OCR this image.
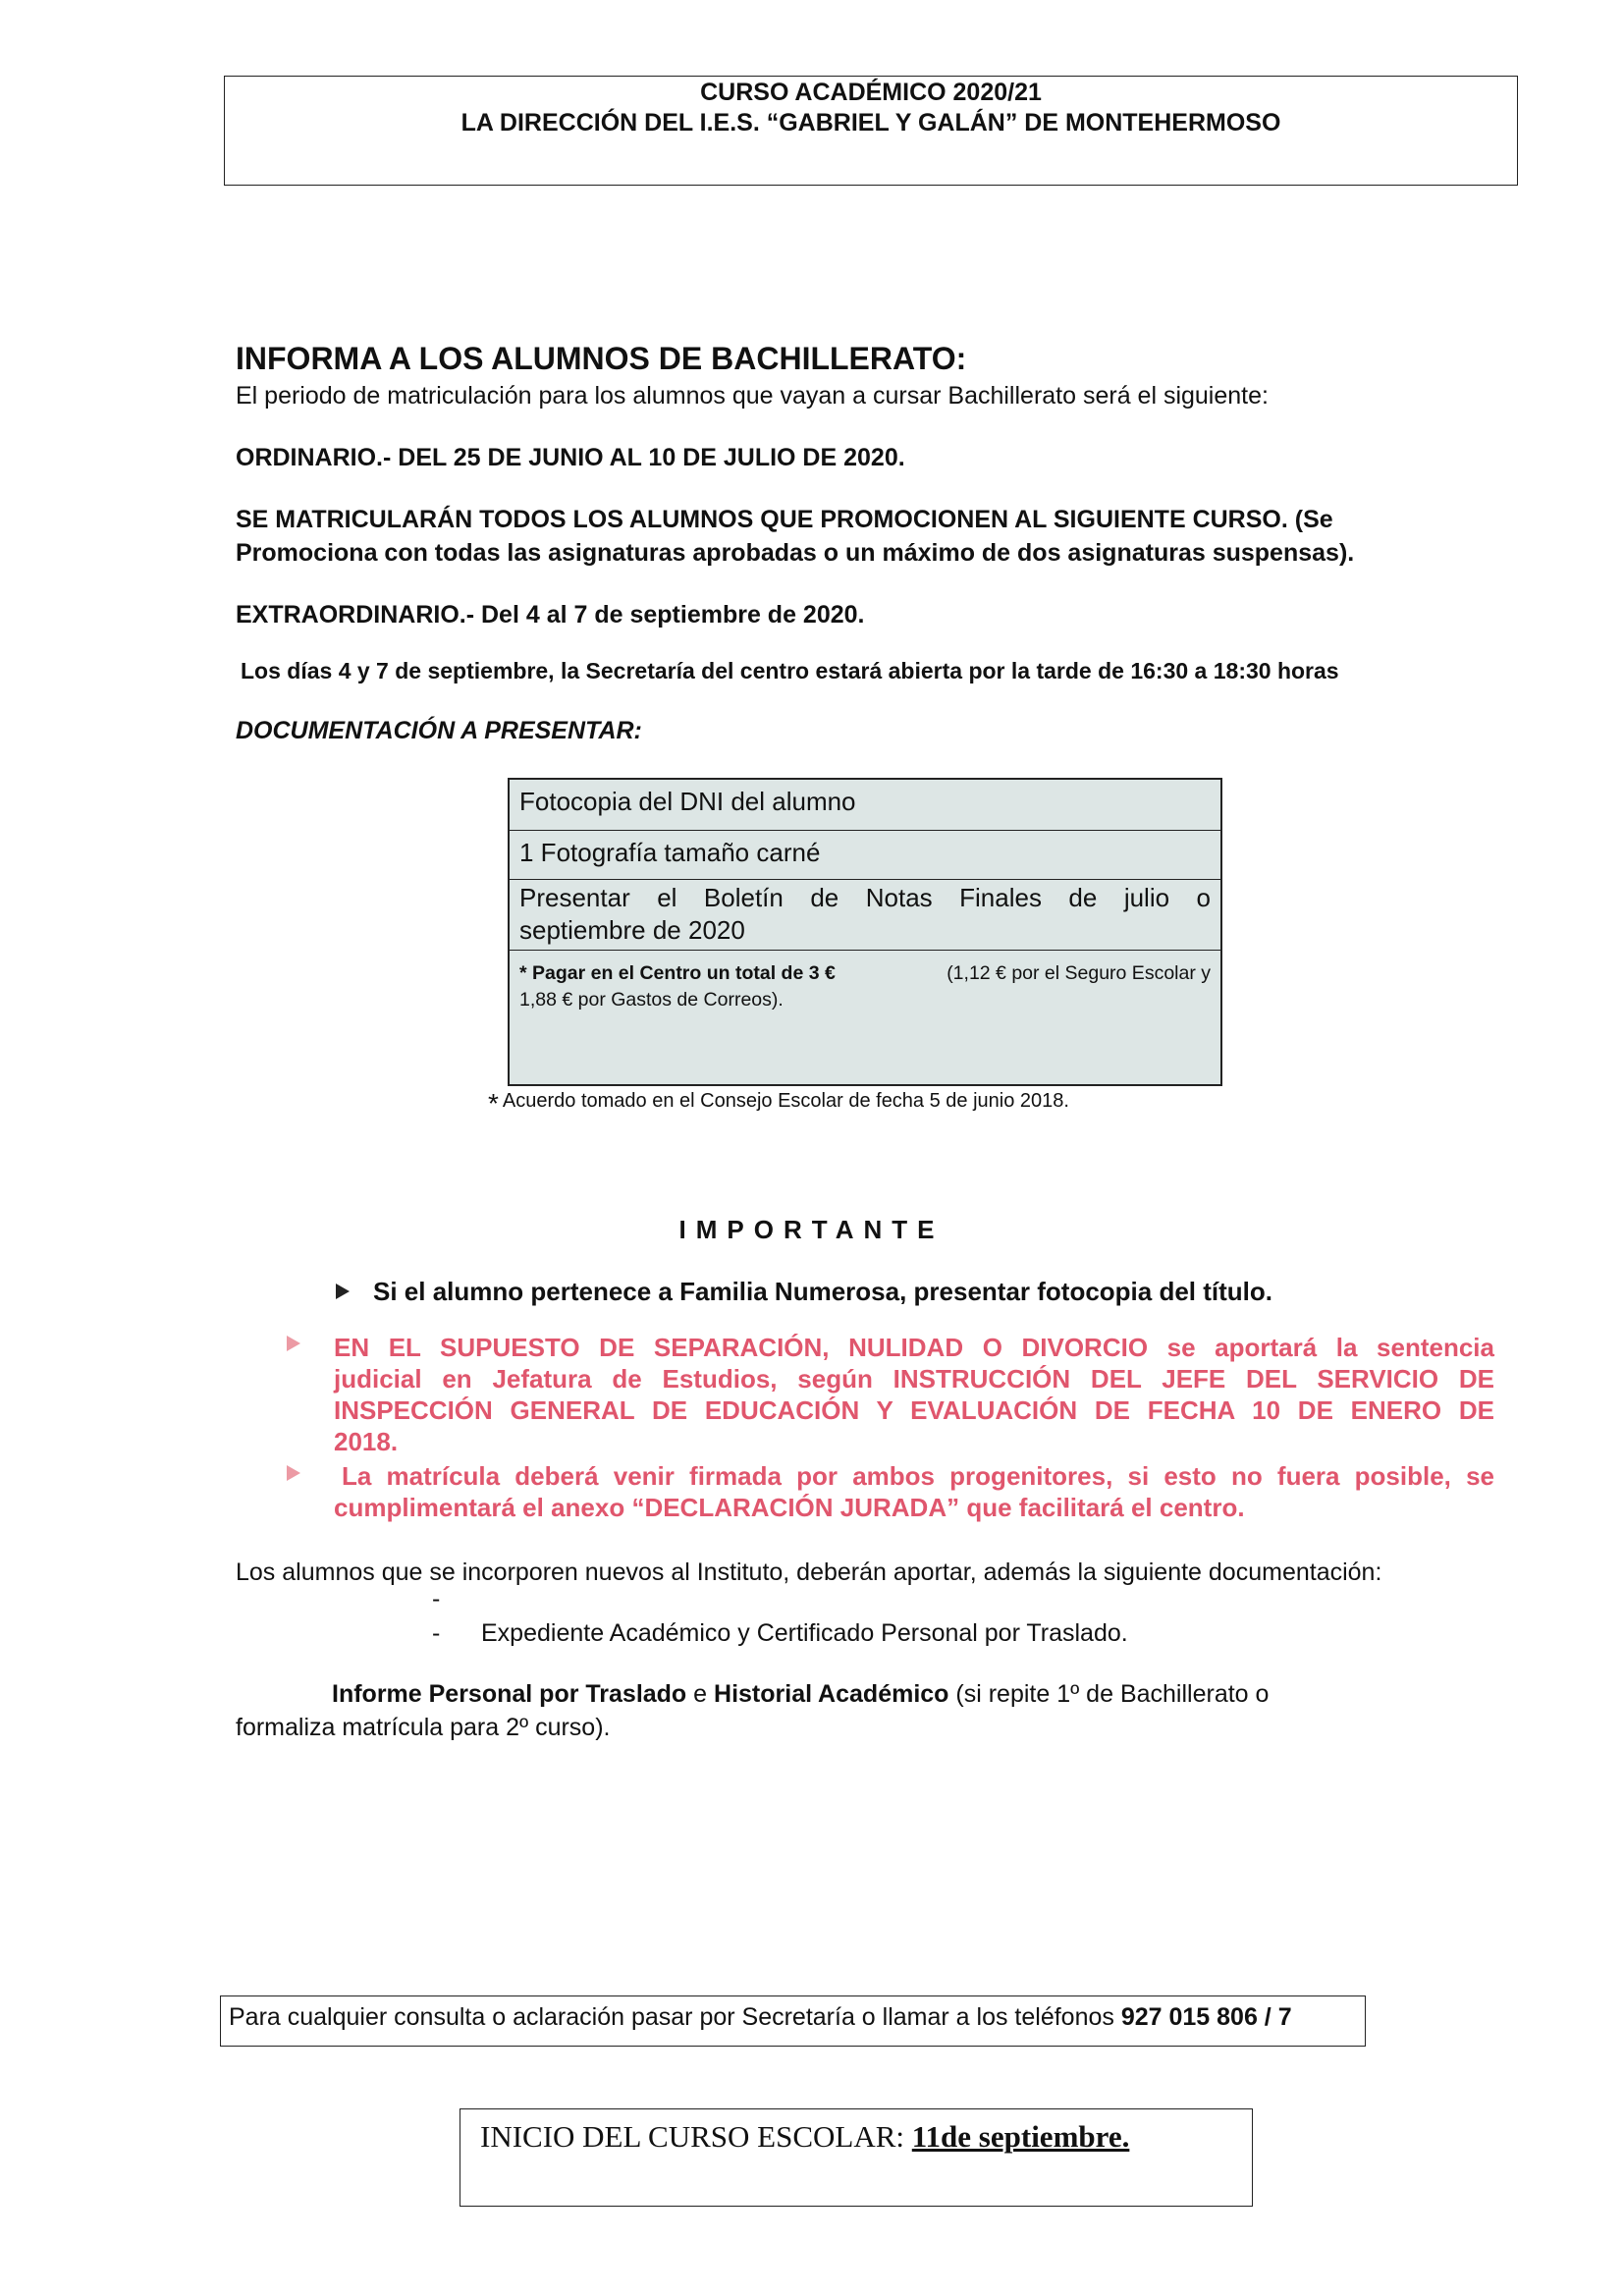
CURSO ACADÉMICO 2020/21
LA DIRECCIÓN DEL I.E.S. “GABRIEL Y GALÁN” DE MONTEHERMOSO
INFORMA A LOS ALUMNOS DE BACHILLERATO:
El periodo de matriculación para los alumnos que vayan a cursar Bachillerato será el siguiente:
ORDINARIO.- DEL 25 DE JUNIO AL 10 DE JULIO DE 2020.
SE MATRICULARÁN TODOS LOS ALUMNOS QUE PROMOCIONEN AL SIGUIENTE CURSO. (Se
Promociona con todas las asignaturas aprobadas o un máximo de dos asignaturas suspensas).
EXTRAORDINARIO.- Del 4 al 7 de septiembre de 2020.
Los días 4 y 7 de septiembre, la Secretaría del centro estará abierta por la tarde de 16:30 a 18:30 horas
DOCUMENTACIÓN A PRESENTAR:
Fotocopia del DNI del alumno
1 Fotografía tamaño carné
Presentar el Boletín de Notas Finales de julio o
septiembre de 2020
* Pagar en el Centro un total de 3 €	(1,12 € por el Seguro Escolar y
1,88 € por Gastos de Correos).
* Acuerdo tomado en el Consejo Escolar de fecha 5 de junio 2018.
IMPORTANTE
Si el alumno pertenece a Familia Numerosa, presentar fotocopia del título.
EN EL SUPUESTO DE SEPARACIÓN, NULIDAD O DIVORCIO se aportará la sentencia
judicial en Jefatura de Estudios, según INSTRUCCIÓN DEL JEFE DEL SERVICIO DE
INSPECCIÓN GENERAL DE EDUCACIÓN Y EVALUACIÓN DE FECHA 10 DE ENERO DE
2018.
La matrícula deberá venir firmada por ambos progenitores, si esto no fuera posible, se
cumplimentará el anexo “DECLARACIÓN JURADA” que facilitará el centro.
Los alumnos que se incorporen nuevos al Instituto, deberán aportar, además la siguiente documentación:
-
- Expediente Académico y Certificado Personal por Traslado.
Informe Personal por Traslado e Historial Académico (si repite 1º de Bachillerato o
formaliza matrícula para 2º curso).
Para cualquier consulta o aclaración pasar por Secretaría o llamar a los teléfonos 927 015 806 / 7
INICIO DEL CURSO ESCOLAR: 11de septiembre.
